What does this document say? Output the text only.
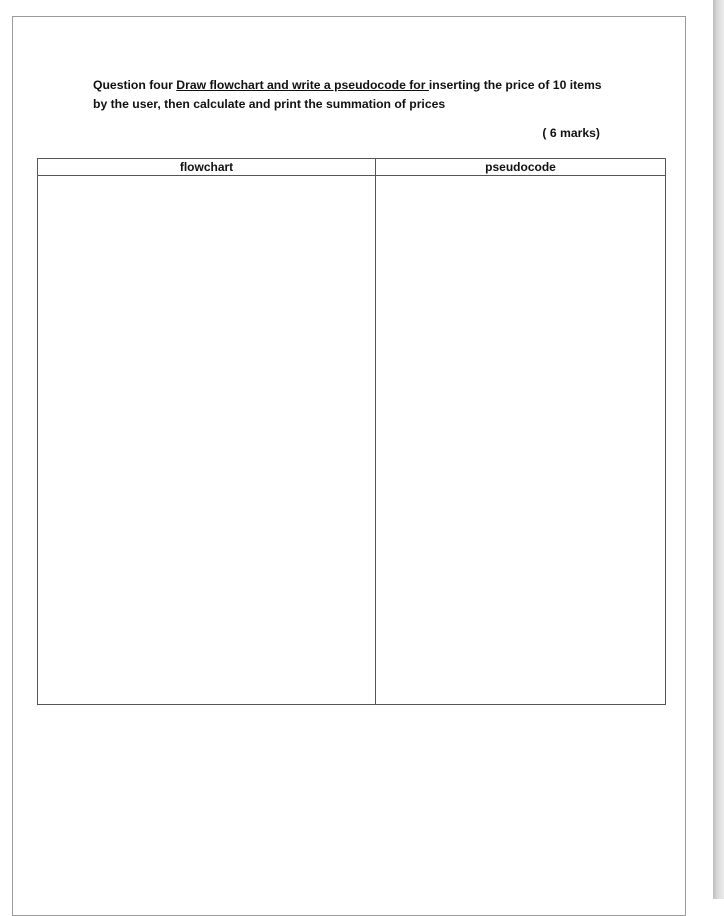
Question four Draw flowchart and write a pseudocode for inserting the price of 10 items
by the user, then calculate and print the summation of prices
( 6 marks)
flowchart	pseudocode
